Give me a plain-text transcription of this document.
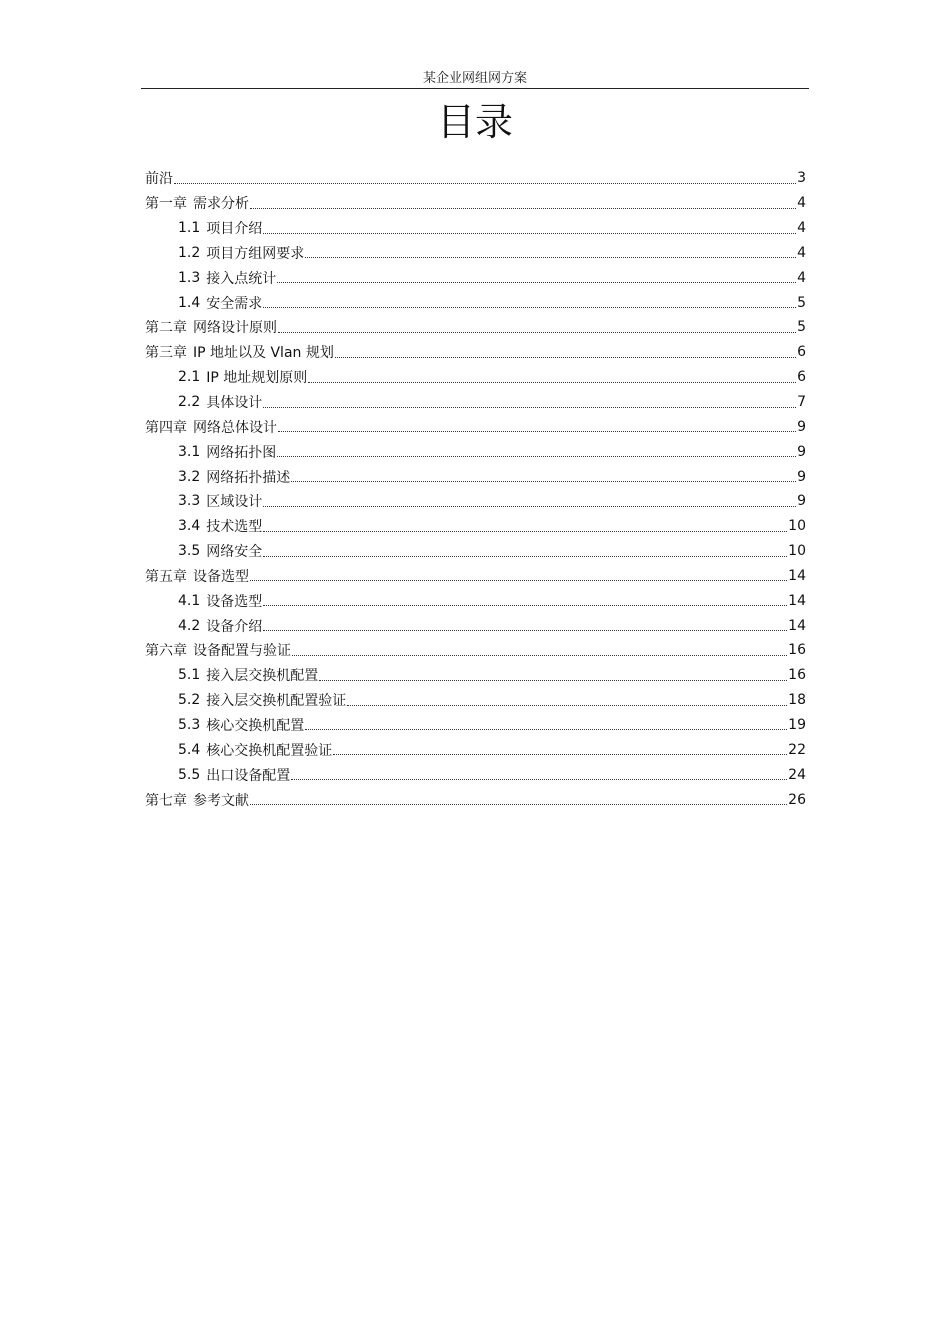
某企业网组网方案
目录
前沿	3
第一章 需求分析	4
1.1 项目介绍	4
1.2 项目方组网要求	4
1.3 接入点统计	4
1.4 安全需求	5
第二章 网络设计原则	5
第三章 IP 地址以及 Vlan 规划	6
2.1 IP 地址规划原则	6
2.2 具体设计	7
第四章 网络总体设计	9
3.1 网络拓扑图	9
3.2 网络拓扑描述	9
3.3 区域设计	9
3.4 技术选型	10
3.5 网络安全	10
第五章 设备选型	14
4.1 设备选型	14
4.2 设备介绍	14
第六章 设备配置与验证	16
5.1 接入层交换机配置	16
5.2 接入层交换机配置验证	18
5.3 核心交换机配置	19
5.4 核心交换机配置验证	22
5.5 出口设备配置	24
第七章 参考文献	26
